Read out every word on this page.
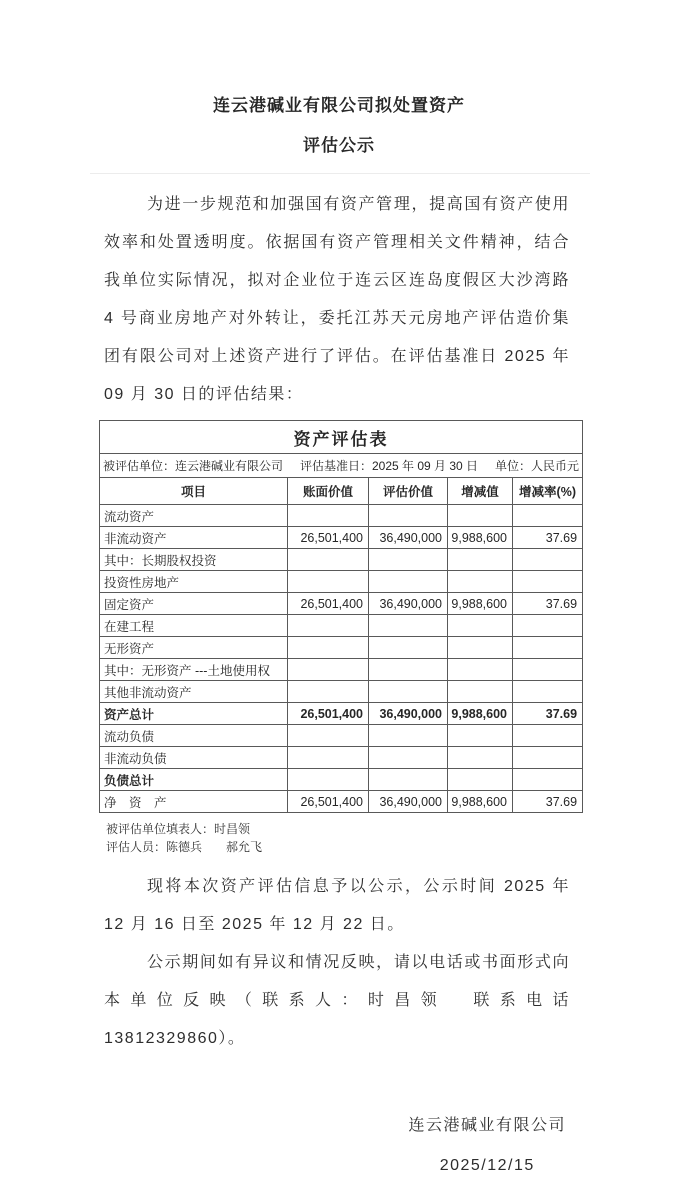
连云港碱业有限公司拟处置资产
评估公示

为进一步规范和加强国有资产管理，提高国有资产使用效率和处置透明度。依据国有资产管理相关文件精神，结合我单位实际情况，拟对企业位于连云区连岛度假区大沙湾路 4 号商业房地产对外转让，委托江苏天元房地产评估造价集团有限公司对上述资产进行了评估。在评估基准日 2025 年 09 月 30 日的评估结果：

资产评估表				

被评估单位：连云港碱业有限公司 评估基准日：2025 年 09 月 30 日 单位：人民币元				

项目	账面价值	评估价值	增减值	增减率(%)
流动资产				
非流动资产	26,501,400	36,490,000	9,988,600	37.69
其中：长期股权投资				
投资性房地产				
固定资产	26,501,400	36,490,000	9,988,600	37.69
在建工程				
无形资产				
其中：无形资产 ---土地使用权				
其他非流动资产				
资产总计	26,501,400	36,490,000	9,988,600	37.69
流动负债				
非流动负债				
负债总计				
净　资　产	26,501,400	36,490,000	9,988,600	37.69
被评估单位填表人：时昌领
评估人员：陈德兵　　郝允飞

现将本次资产评估信息予以公示，公示时间 2025 年 12 月 16 日至 2025 年 12 月 22 日。

公示期间如有异议和情况反映，请以电话或书面形式向本单位反映（联系人：时昌领　联系电话　13812329860）。

连云港碱业有限公司
2025/12/15
